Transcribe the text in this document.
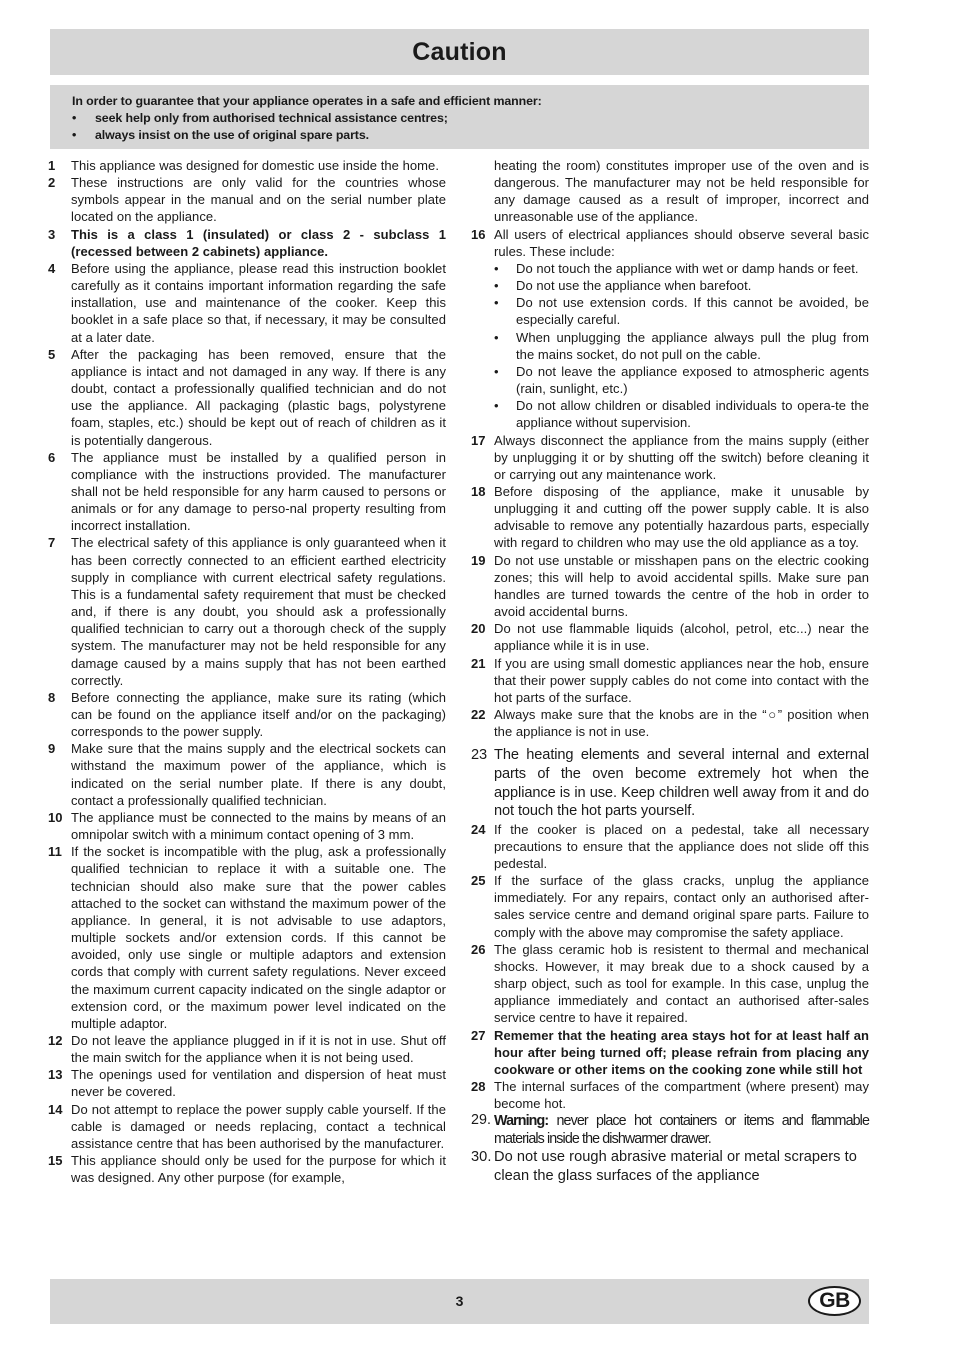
Caution
In order to guarantee that your appliance operates in a safe and efficient manner:
•	seek help only from authorised technical assistance centres;
•	always insist on the use of original spare parts.
1	This appliance was designed for domestic use inside the home.
2	These instructions are only valid for the countries whose symbols appear in the manual and on the serial number plate located on the appliance.
3	This is a class 1 (insulated) or class 2 - subclass 1 (recessed between 2 cabinets) appliance.
4	Before using the appliance, please read this instruction booklet carefully as it contains important information regarding the safe installation, use and maintenance of the cooker. Keep this booklet in a safe place so that, if necessary, it may be consulted at a later date.
5	After the packaging has been removed, ensure that the appliance is intact and not damaged in any way. If there is any doubt, contact a professionally qualified technician and do not use the appliance. All packaging (plastic bags, polystyrene foam, staples, etc.) should be kept out of reach of children as it is potentially dangerous.
6	The appliance must be installed by a qualified person in compliance with the instructions provided. The manufacturer shall not be held responsible for any harm caused to persons or animals or for any damage to perso-nal property resulting from incorrect installation.
7	The electrical safety of this appliance is only guaranteed when it has been correctly connected to an efficient earthed electricity supply in compliance with current electrical safety regulations. This is a fundamental safety requirement that must be checked and, if there is any doubt, you should ask a professionally qualified technician to carry out a thorough check of the supply system. The manufacturer may not be held responsible for any damage caused by a mains supply that has not been earthed correctly.
8	Before connecting the appliance, make sure its rating (which can be found on the appliance itself and/or on the packaging) corresponds to the power supply.
9	Make sure that the mains supply and the electrical sockets can withstand the maximum power of the appliance, which is indicated on the serial number plate. If there is any doubt, contact a professionally qualified technician.
10 The appliance must be connected to the mains by means of an omnipolar switch with a minimum contact opening of 3 mm.
11 If the socket is incompatible with the plug, ask a professionally qualified technician to replace it with a suitable one. The technician should also make sure that the power cables attached to the socket can withstand the maximum power of the appliance. In general, it is not advisable to use adaptors, multiple sockets and/or extension cords. If this cannot be avoided, only use single or multiple adaptors and extension cords that comply with current safety regulations. Never exceed the maximum current capacity indicated on the single adaptor or extension cord, or the maximum power level indicated on the multiple adaptor.
12 Do not leave the appliance plugged in if it is not in use. Shut off the main switch for the appliance when it is not being used.
13 The openings used for ventilation and dispersion of heat must never be covered.
14 Do not attempt to replace the power supply cable yourself. If the cable is damaged or needs replacing, contact a technical assistance centre that has been authorised by the manufacturer.
15 This appliance should only be used for the purpose for which it was designed. Any other purpose (for example,
heating the room) constitutes improper use of the oven and is dangerous. The manufacturer may not be held responsible for any damage caused as a result of improper, incorrect and unreasonable use of the appliance.
16 All users of electrical appliances should observe several basic rules. These include:
•	Do not touch the appliance with wet or damp hands or feet.
•	Do not use the appliance when barefoot.
•	Do not use extension cords. If this cannot be avoided, be especially careful.
•	When unplugging the appliance always pull the plug from the mains socket, do not pull on the cable.
•	Do not leave the appliance exposed to atmospheric agents (rain, sunlight, etc.)
•	Do not allow children or disabled individuals to opera-te the appliance without supervision.
17 Always disconnect the appliance from the mains supply (either by unplugging it or by shutting off the switch) before cleaning it or carrying out any maintenance work.
18 Before disposing of the appliance, make it unusable by unplugging it and cutting off the power supply cable. It is also advisable to remove any potentially hazardous parts, especially with regard to children who may use the old appliance as a toy.
19 Do not use unstable or misshapen pans on the electric cooking zones; this will help to avoid accidental spills. Make sure pan handles are turned towards the centre of the hob in order to avoid accidental burns.
20 Do not use flammable liquids (alcohol, petrol, etc...) near the appliance while it is in use.
21 If you are using small domestic appliances near the hob, ensure that their power supply cables do not come into contact with the hot parts of the surface.
22 Always make sure that the knobs are in the “○” position when the appliance is not in use.
23 The heating elements and several internal and external parts of the oven become extremely hot when the appliance is in use. Keep children well away from it and do not touch the hot parts yourself.
24 If the cooker is placed on a pedestal, take all necessary precautions to ensure that the appliance does not slide off this pedestal.
25 If the surface of the glass cracks, unplug the appliance immediately. For any repairs, contact only an authorised after-sales service centre and demand original spare parts. Failure to comply with the above may compromise the safety appliace.
26 The glass ceramic hob is resistent to thermal and mechanical shocks. However, it may break due to a shock caused by a sharp object, such as tool for example. In this case, unplug the appliance immediately and contact an authorised after-sales service centre to have it repaired.
27 Rememer that the heating area stays hot for at least half an hour after being turned off; please refrain from placing any cookware or other items on the cooking zone while still hot
28 The internal surfaces of the compartment (where present) may become hot.
29. Warning: never place hot containers or items and flammable materials inside the dishwarmer drawer.
30. Do not use rough abrasive material or metal scrapers to clean the glass surfaces of the appliance
3	GB
